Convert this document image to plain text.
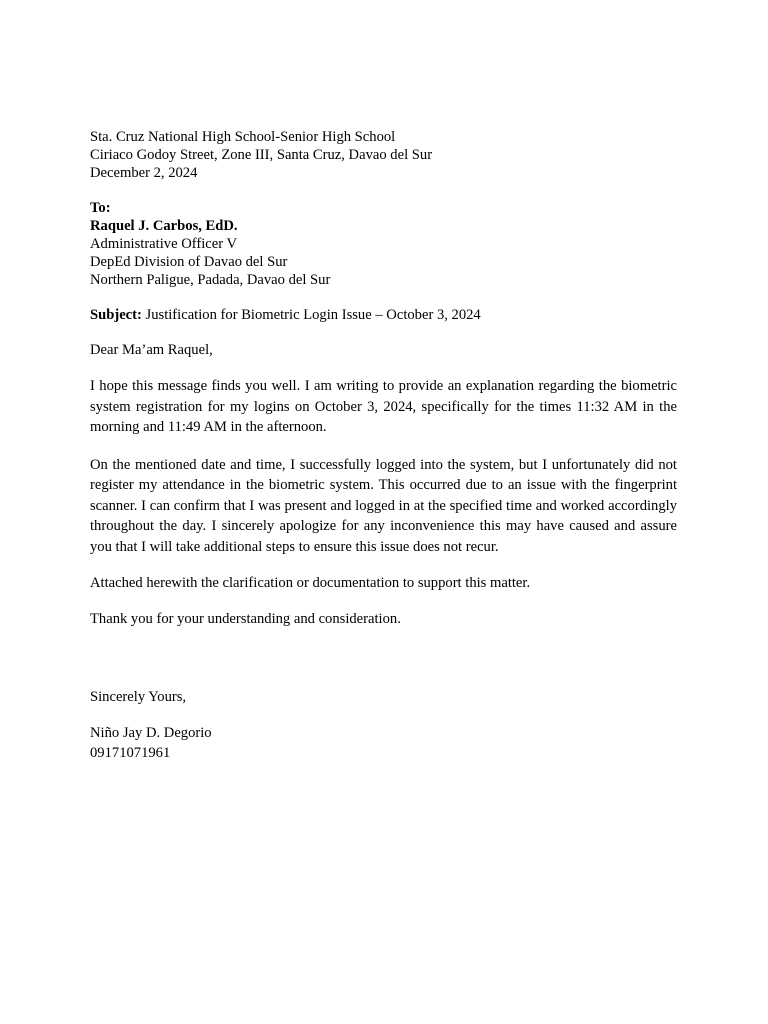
Sta. Cruz National High School-Senior High School
Ciriaco Godoy Street, Zone III, Santa Cruz, Davao del Sur
December 2, 2024
To:
Raquel J. Carbos, EdD.
Administrative Officer V
DepEd Division of Davao del Sur
Northern Paligue, Padada, Davao del Sur
Subject: Justification for Biometric Login Issue – October 3, 2024
Dear Ma’am Raquel,

I hope this message finds you well. I am writing to provide an explanation regarding the biometric system registration for my logins on October 3, 2024, specifically for the times 11:32 AM in the morning and 11:49 AM in the afternoon.

On the mentioned date and time, I successfully logged into the system, but I unfortunately did not register my attendance in the biometric system. This occurred due to an issue with the fingerprint scanner. I can confirm that I was present and logged in at the specified time and worked accordingly throughout the day. I sincerely apologize for any inconvenience this may have caused and assure you that I will take additional steps to ensure this issue does not recur.

Attached herewith the clarification or documentation to support this matter.
Thank you for your understanding and consideration.
Sincerely Yours,
Niño Jay D. Degorio
09171071961
